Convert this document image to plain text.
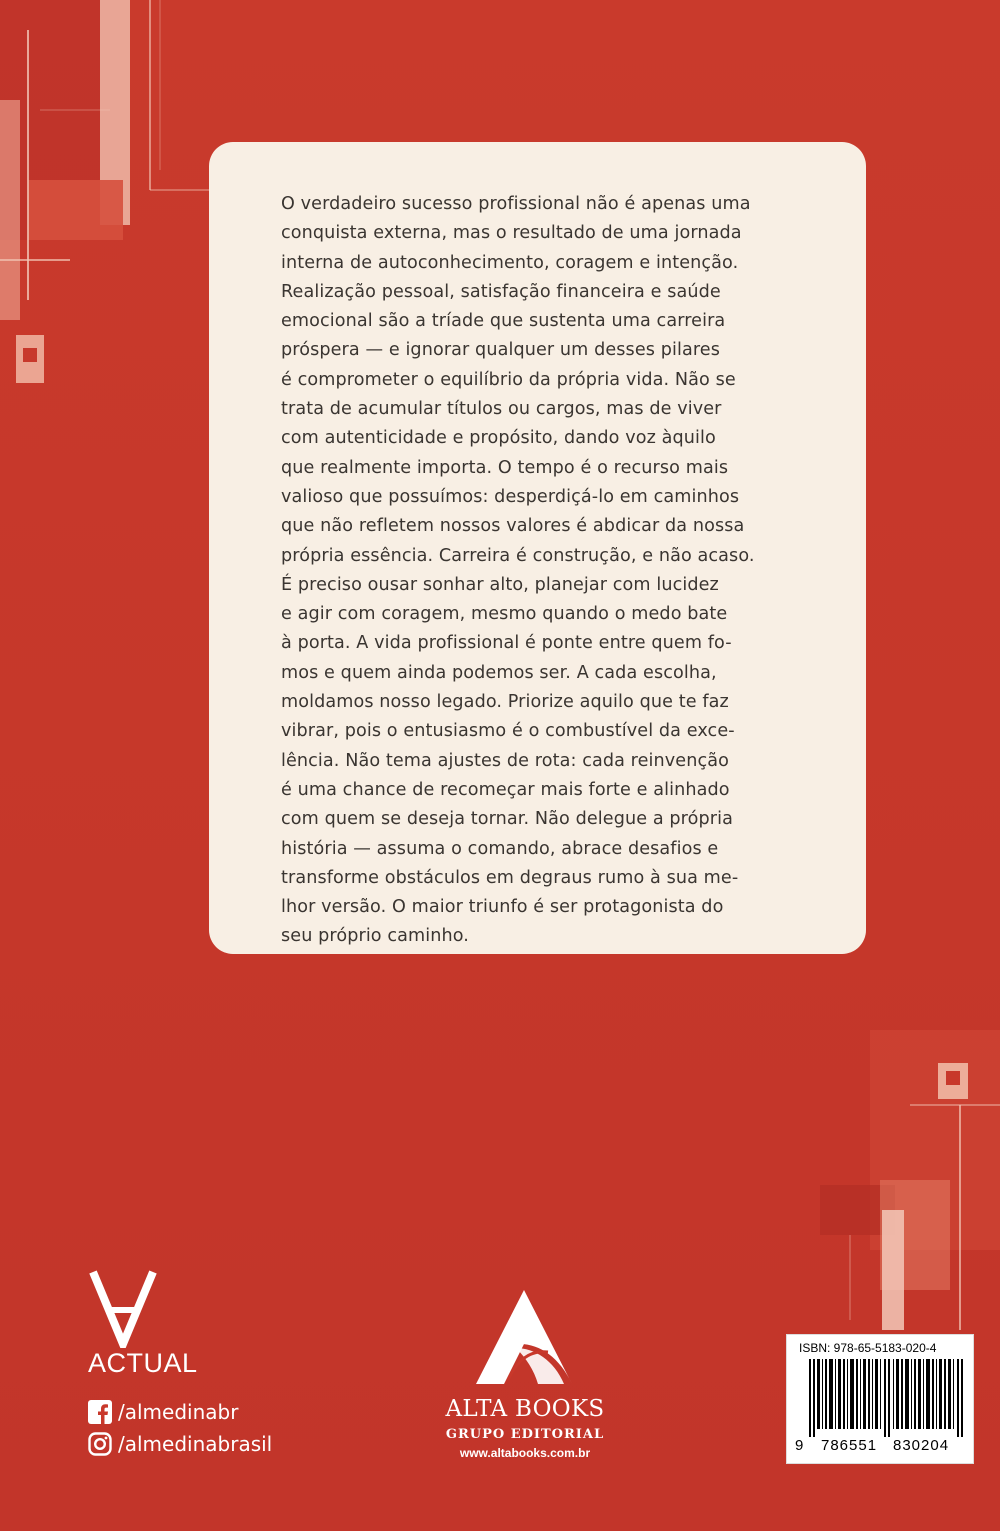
O verdadeiro sucesso profissional não é apenas uma
conquista externa, mas o resultado de uma jornada
interna de autoconhecimento, coragem e intenção.
Realização pessoal, satisfação financeira e saúde
emocional são a tríade que sustenta uma carreira
próspera — e ignorar qualquer um desses pilares
é comprometer o equilíbrio da própria vida. Não se
trata de acumular títulos ou cargos, mas de viver
com autenticidade e propósito, dando voz àquilo
que realmente importa. O tempo é o recurso mais
valioso que possuímos: desperdiçá-lo em caminhos
que não refletem nossos valores é abdicar da nossa
própria essência. Carreira é construção, e não acaso.
É preciso ousar sonhar alto, planejar com lucidez
e agir com coragem, mesmo quando o medo bate
à porta. A vida profissional é ponte entre quem fo-
mos e quem ainda podemos ser. A cada escolha,
moldamos nosso legado. Priorize aquilo que te faz
vibrar, pois o entusiasmo é o combustível da exce-
lência. Não tema ajustes de rota: cada reinvenção
é uma chance de recomeçar mais forte e alinhado
com quem se deseja tornar. Não delegue a própria
história — assuma o comando, abrace desafios e
transforme obstáculos em degraus rumo à sua me-
lhor versão. O maior triunfo é ser protagonista do
seu próprio caminho.

ACTUAL
/almedinabr
/almedinabrasil
ALTA BOOKS
GRUPO EDITORIAL
www.altabooks.com.br
ISBN: 978-65-5183-020-4
9 786551 830204
